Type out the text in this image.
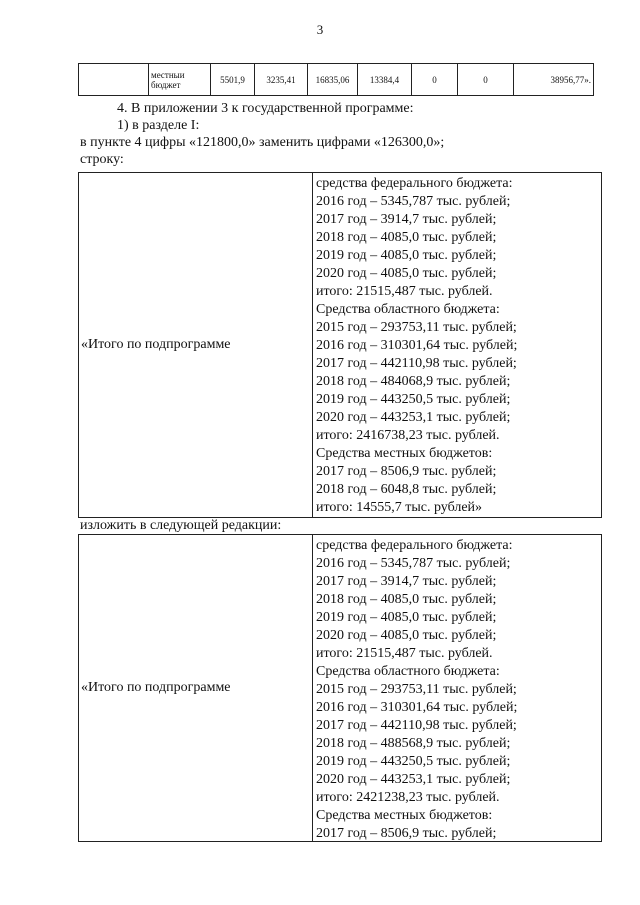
3

местныи
бюджет	5501,9	3235,41	16835,06	13384,4	0	0	38956,77».
4. В приложении 3 к государственной программе:
1) в разделе I:
в пункте 4 цифры «121800,0» заменить цифрами «126300,0»;
строку:
«Итого по подпрограмме
средства федерального бюджета:
2016 год – 5345,787 тыс. рублей;
2017 год – 3914,7 тыс. рублей;
2018 год – 4085,0 тыс. рублей;
2019 год – 4085,0 тыс. рублей;
2020 год – 4085,0 тыс. рублей;
итого: 21515,487 тыс. рублей.
Средства областного бюджета:
2015 год – 293753,11 тыс. рублей;
2016 год – 310301,64 тыс. рублей;
2017 год – 442110,98 тыс. рублей;
2018 год – 484068,9 тыс. рублей;
2019 год – 443250,5 тыс. рублей;
2020 год – 443253,1 тыс. рублей;
итого: 2416738,23 тыс. рублей.
Средства местных бюджетов:
2017 год – 8506,9 тыс. рублей;
2018 год – 6048,8 тыс. рублей;
итого: 14555,7 тыс. рублей»
изложить в следующей редакции:
«Итого по подпрограмме
средства федерального бюджета:
2016 год – 5345,787 тыс. рублей;
2017 год – 3914,7 тыс. рублей;
2018 год – 4085,0 тыс. рублей;
2019 год – 4085,0 тыс. рублей;
2020 год – 4085,0 тыс. рублей;
итого: 21515,487 тыс. рублей.
Средства областного бюджета:
2015 год – 293753,11 тыс. рублей;
2016 год – 310301,64 тыс. рублей;
2017 год – 442110,98 тыс. рублей;
2018 год – 488568,9 тыс. рублей;
2019 год – 443250,5 тыс. рублей;
2020 год – 443253,1 тыс. рублей;
итого: 2421238,23 тыс. рублей.
Средства местных бюджетов:
2017 год – 8506,9 тыс. рублей;
